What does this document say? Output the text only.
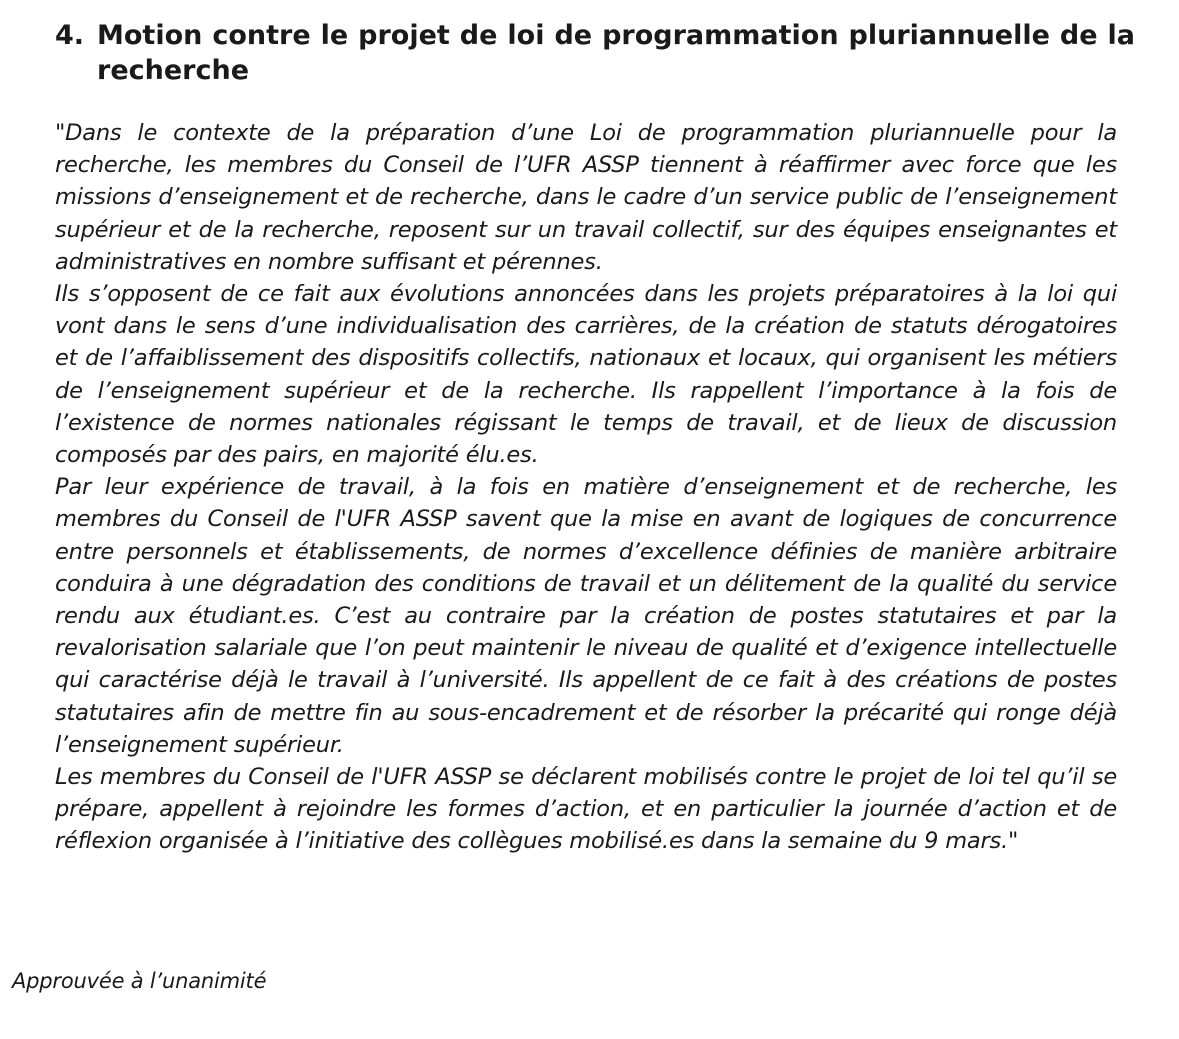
4. Motion contre le projet de loi de programmation pluriannuelle de la recherche

"Dans le contexte de la préparation d’une Loi de programmation pluriannuelle pour la recherche, les membres du Conseil de l’UFR ASSP tiennent à réaffirmer avec force que les missions d’enseignement et de recherche, dans le cadre d’un service public de l’enseignement supérieur et de la recherche, reposent sur un travail collectif, sur des équipes enseignantes et administratives en nombre suffisant et pérennes.

Ils s’opposent de ce fait aux évolutions annoncées dans les projets préparatoires à la loi qui vont dans le sens d’une individualisation des carrières, de la création de statuts dérogatoires et de l’affaiblissement des dispositifs collectifs, nationaux et locaux, qui organisent les métiers de l’enseignement supérieur et de la recherche. Ils rappellent l’importance à la fois de l’existence de normes nationales régissant le temps de travail, et de lieux de discussion composés par des pairs, en majorité élu.es.

Par leur expérience de travail, à la fois en matière d’enseignement et de recherche, les membres du Conseil de l'UFR ASSP savent que la mise en avant de logiques de concurrence entre personnels et établissements, de normes d’excellence définies de manière arbitraire conduira à une dégradation des conditions de travail et un délitement de la qualité du service rendu aux étudiant.es. C’est au contraire par la création de postes statutaires et par la revalorisation salariale que l’on peut maintenir le niveau de qualité et d’exigence intellectuelle qui caractérise déjà le travail à l’université. Ils appellent de ce fait à des créations de postes statutaires afin de mettre fin au sous-encadrement et de résorber la précarité qui ronge déjà l’enseignement supérieur.

Les membres du Conseil de l'UFR ASSP se déclarent mobilisés contre le projet de loi tel qu’il se prépare, appellent à rejoindre les formes d’action, et en particulier la journée d’action et de réflexion organisée à l’initiative des collègues mobilisé.es dans la semaine du 9 mars."

Approuvée à l’unanimité
